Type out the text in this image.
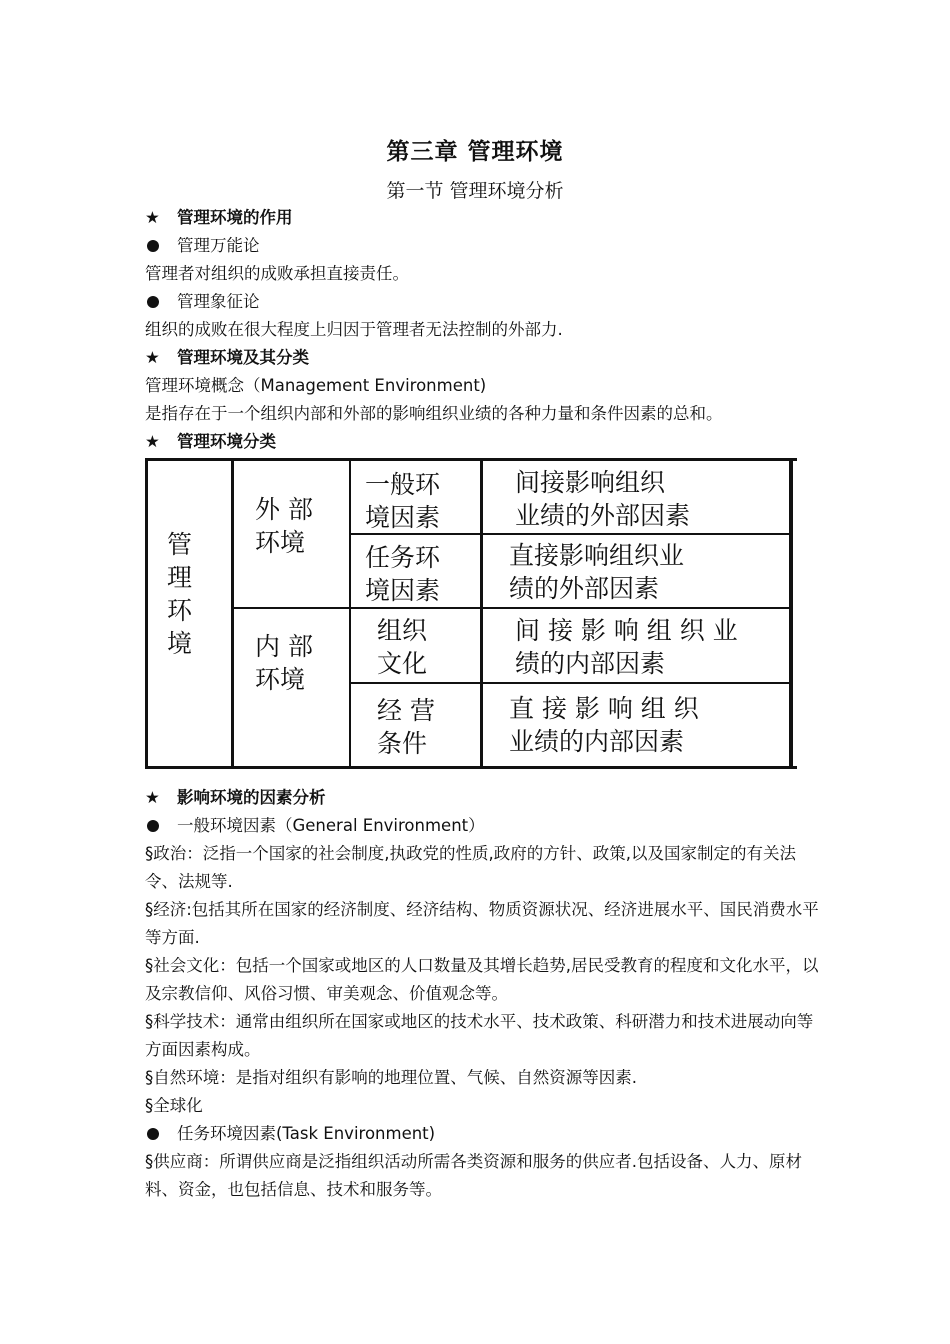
第三章 管理环境
第一节 管理环境分析
★ 管理环境的作用
管理万能论
管理者对组织的成败承担直接责任。
管理象征论
组织的成败在很大程度上归因于管理者无法控制的外部力.
★ 管理环境及其分类
管理环境概念（Management Environment)
是指存在于一个组织内部和外部的影响组织业绩的各种力量和条件因素的总和。
★ 管理环境分类
管
理
环
境
外 部
环境
内 部
环境
一般环
境因素
任务环
境因素
组织
文化
经 营
条件
间接影响组织
业绩的外部因素
直接影响组织业
绩的外部因素
间 接 影 响 组 织 业
绩的内部因素
直 接 影 响 组 织
业绩的内部因素
★ 影响环境的因素分析
一般环境因素（General Environment）
§政治：泛指一个国家的社会制度,执政党的性质,政府的方针、政策,以及国家制定的有关法令、法规等.
§经济:包括其所在国家的经济制度、经济结构、物质资源状况、经济进展水平、国民消费水平等方面.
§社会文化：包括一个国家或地区的人口数量及其增长趋势,居民受教育的程度和文化水平，以及宗教信仰、风俗习惯、审美观念、价值观念等。
§科学技术：通常由组织所在国家或地区的技术水平、技术政策、科研潜力和技术进展动向等方面因素构成。
§自然环境：是指对组织有影响的地理位置、气候、自然资源等因素.
§全球化
任务环境因素(Task Environment)
§供应商：所谓供应商是泛指组织活动所需各类资源和服务的供应者.包括设备、人力、原材料、资金，也包括信息、技术和服务等。
